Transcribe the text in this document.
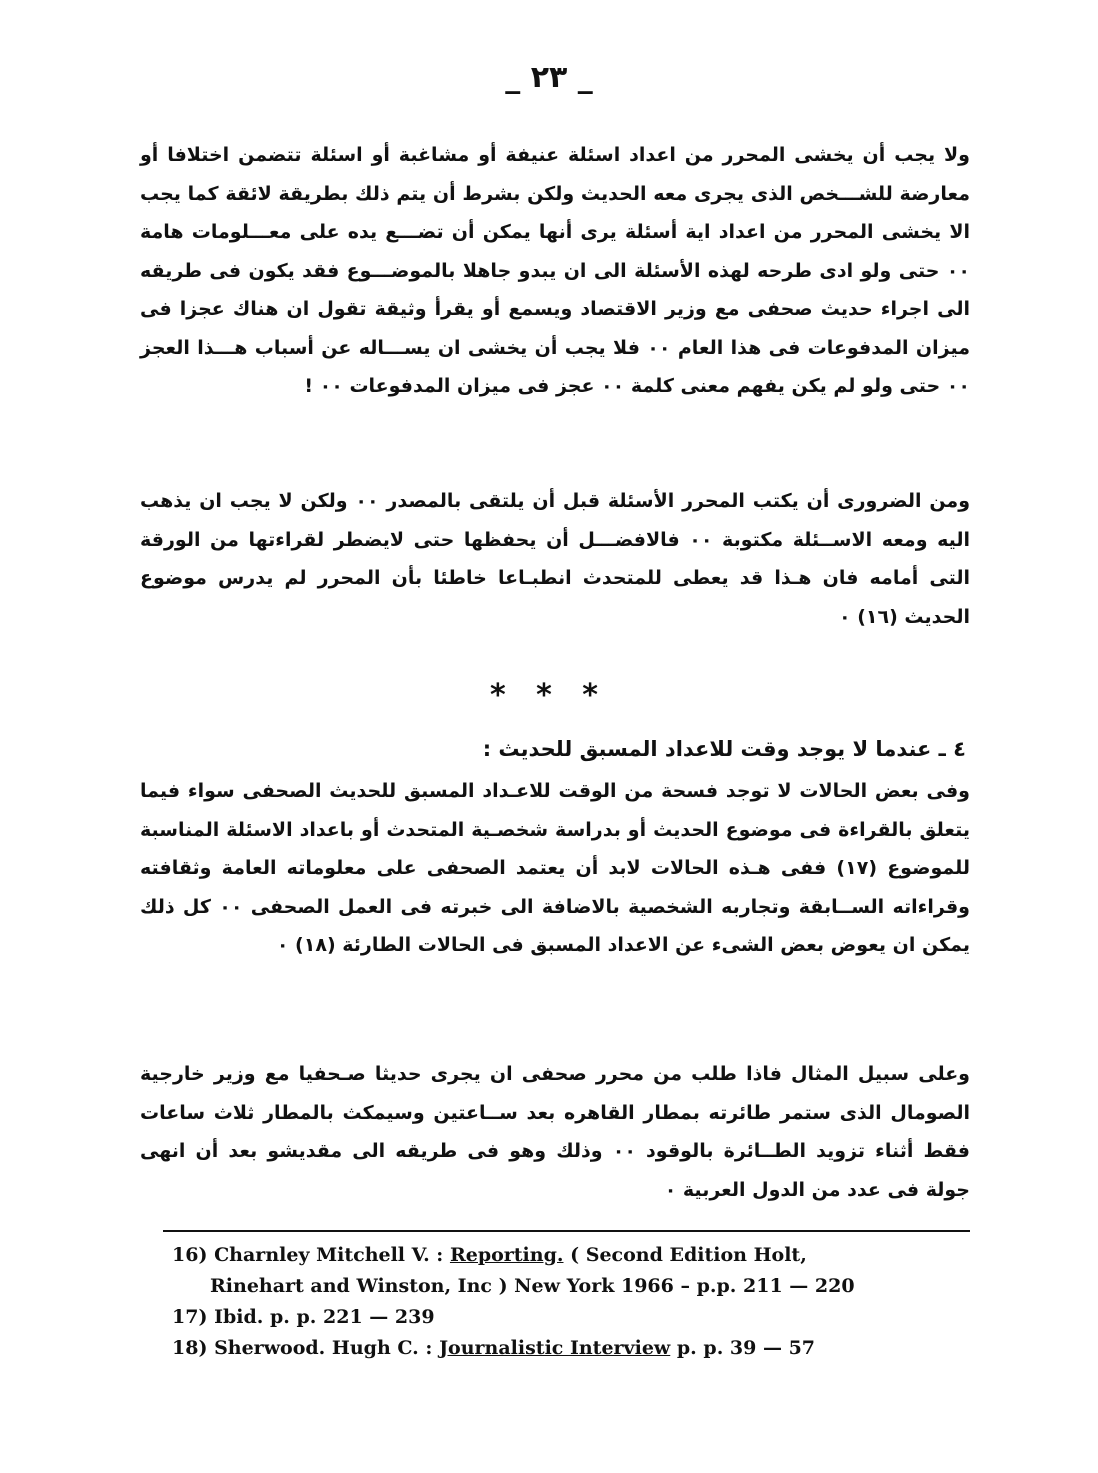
_ ٢٣ _

ولا يجب أن يخشى المحرر من اعداد اسئلة عنيفة أو مشاغبة أو اسئلة تتضمن اختلافا أو معارضة للشـــخص الذى يجرى معه الحديث ولكن بشرط أن يتم ذلك بطريقة لائقة كما يجب الا يخشى المحرر من اعداد اية أسئلة يرى أنها يمكن أن تضـــع يده على معـــلومات هامة ٠٠ حتى ولو ادى طرحه لهذه الأسئلة الى ان يبدو جاهلا بالموضـــوع فقد يكون فى طريقه الى اجراء حديث صحفى مع وزير الاقتصاد ويسمع أو يقرأ وثيقة تقول ان هناك عجزا فى ميزان المدفوعات فى هذا العام ٠٠ فلا يجب أن يخشى ان يســـاله عن أسباب هـــذا العجز ٠٠ حتى ولو لم يكن يفهم معنى كلمة ٠٠ عجز فى ميزان المدفوعات ٠٠ !

ومن الضرورى أن يكتب المحرر الأسئلة قبل أن يلتقى بالمصدر ٠٠ ولكن لا يجب ان يذهب اليه ومعه الاســئلة مكتوبة ٠٠ فالافضـــل أن يحفظها حتى لايضطر لقراءتها من الورقة التى أمامه فان هـذا قد يعطى للمتحدث انطبـاعا خاطئا بأن المحرر لم يدرس موضوع الحديث (١٦) ٠

* * *
٤ ـ عندما لا يوجد وقت للاعداد المسبق للحديث :

وفى بعض الحالات لا توجد فسحة من الوقت للاعـداد المسبق للحديث الصحفى سواء فيما يتعلق بالقراءة فى موضوع الحديث أو بدراسة شخصـية المتحدث أو باعداد الاسئلة المناسبة للموضوع (١٧) ففى هـذه الحالات لابد أن يعتمد الصحفى على معلوماته العامة وثقافته وقراءاته الســابقة وتجاربه الشخصية بالاضافة الى خبرته فى العمل الصحفى ٠٠ كل ذلك يمكن ان يعوض بعض الشىء عن الاعداد المسبق فى الحالات الطارئة (١٨) ٠

وعلى سبيل المثال فاذا طلب من محرر صحفى ان يجرى حديثا صـحفيا مع وزير خارجية الصومال الذى ستمر طائرته بمطار القاهره بعد ســاعتين وسيمكث بالمطار ثلاث ساعات فقط أثناء تزويد الطــائرة بالوقود ٠٠ وذلك وهو فى طريقه الى مقديشو بعد أن انهى جولة فى عدد من الدول العربية ٠

16) Charnley Mitchell V. : Reporting. ( Second Edition Holt,
Rinehart and Winston, Inc ) New York 1966 – p.p. 211 — 220

17) Ibid. p. p. 221 — 239

18) Sherwood. Hugh C. : Journalistic Interview p. p. 39 — 57
